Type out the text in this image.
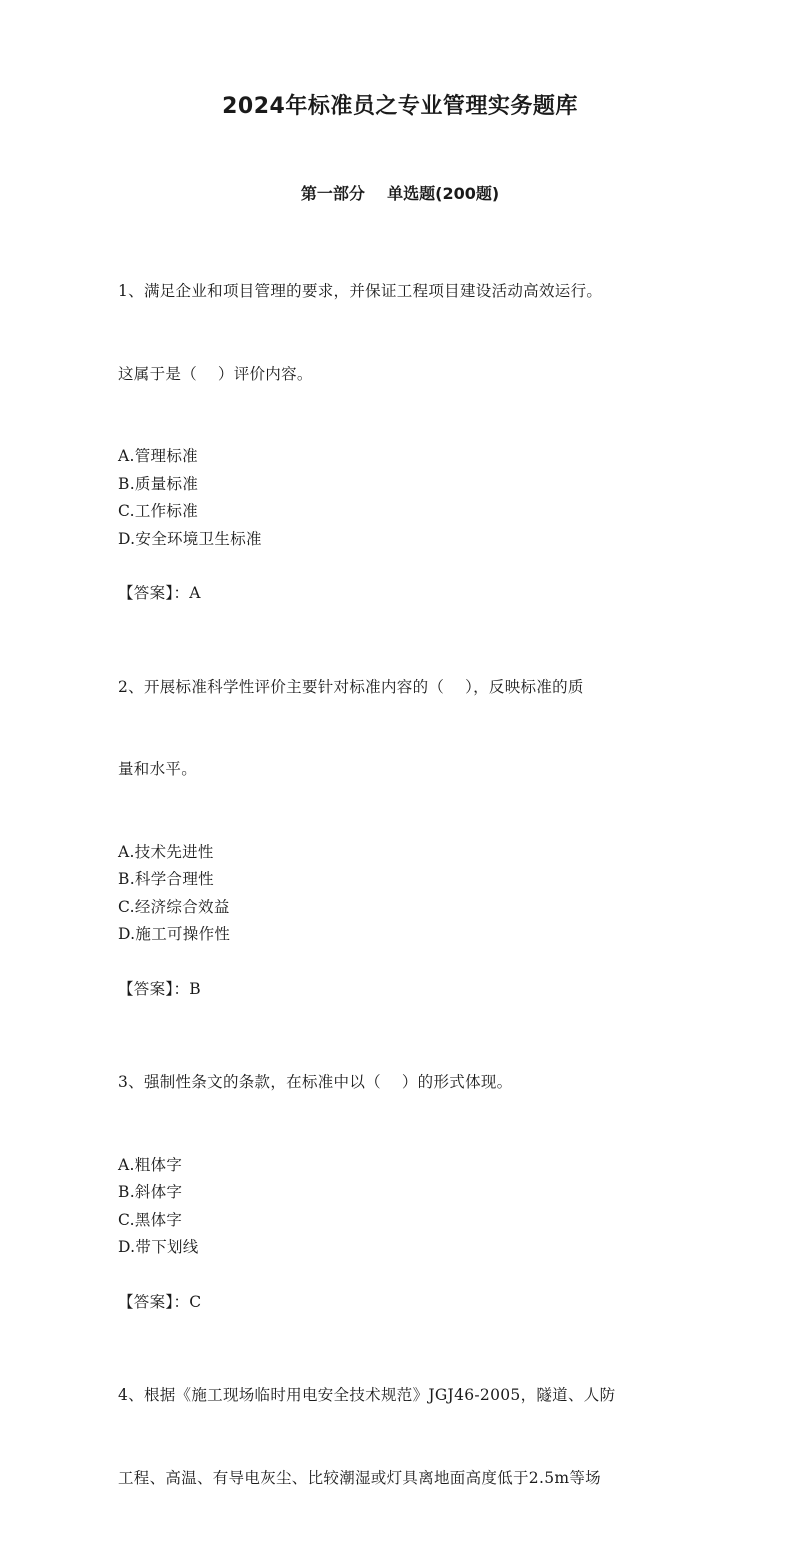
2024年标准员之专业管理实务题库
第一部分    单选题(200题)

1、满足企业和项目管理的要求，并保证工程项目建设活动高效运行。

这属于是（    ）评价内容。

A.管理标准

B.质量标准

C.工作标准

D.安全环境卫生标准

【答案】：A

2、开展标准科学性评价主要针对标准内容的（    ），反映标准的质

量和水平。

A.技术先进性

B.科学合理性

C.经济综合效益

D.施工可操作性

【答案】：B

3、强制性条文的条款，在标准中以（    ）的形式体现。

A.粗体字

B.斜体字

C.黑体字

D.带下划线

【答案】：C

4、根据《施工现场临时用电安全技术规范》JGJ46-2005，隧道、人防

工程、高温、有导电灰尘、比较潮湿或灯具离地面高度低于2.5m等场
